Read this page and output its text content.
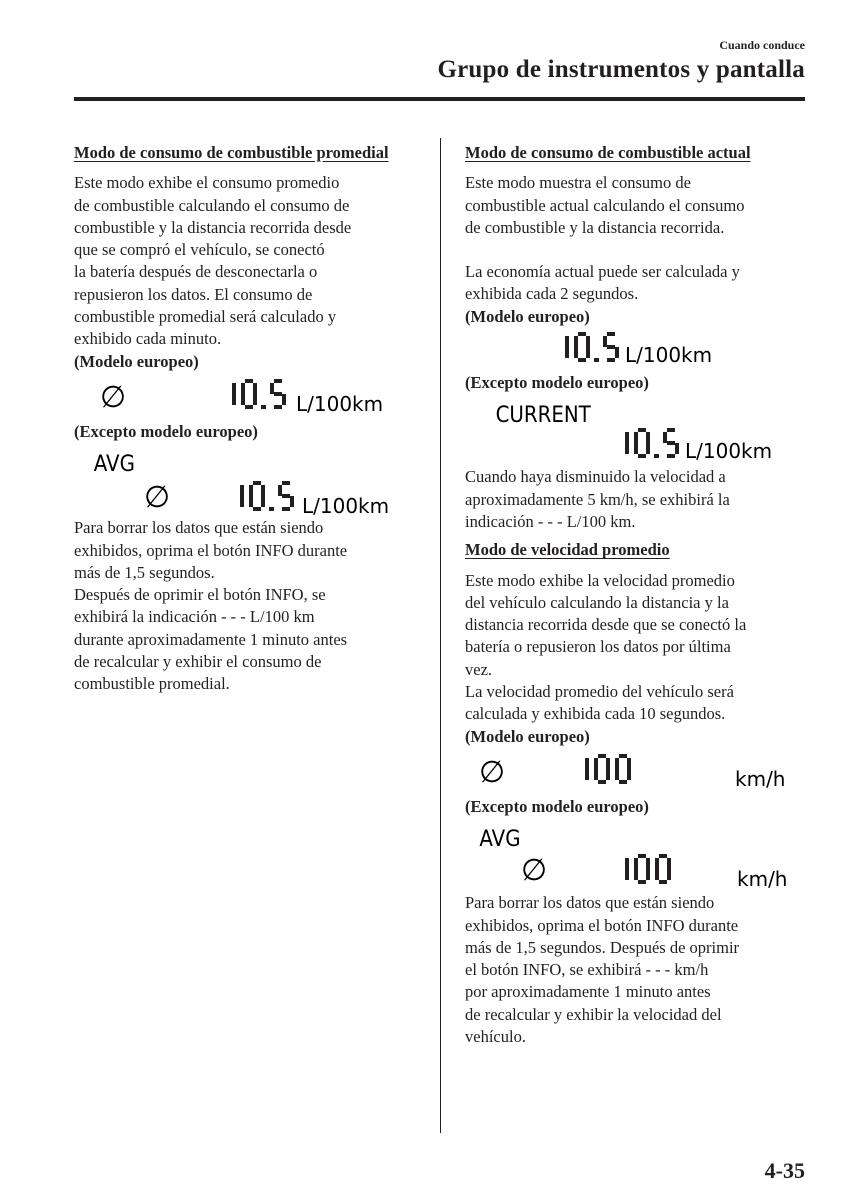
Cuando conduce
Grupo de instrumentos y pantalla
Modo de consumo de combustible promedial
Este modo exhibe el consumo promedio
de combustible calculando el consumo de
combustible y la distancia recorrida desde
que se compró el vehículo, se conectó
la batería después de desconectarla o
repusieron los datos. El consumo de
combustible promedial será calculado y
exhibido cada minuto.

(Modelo europeo)

∅	L/100km

(Excepto modelo europeo)

AVG
∅	L/100km
Para borrar los datos que están siendo
exhibidos, oprima el botón INFO durante
más de 1,5 segundos.
Después de oprimir el botón INFO, se
exhibirá la indicación - - - L/100 km
durante aproximadamente 1 minuto antes
de recalcular y exhibir el consumo de
combustible promedial.
Modo de consumo de combustible actual
Este modo muestra el consumo de
combustible actual calculando el consumo
de combustible y la distancia recorrida.
La economía actual puede ser calculada y
exhibida cada 2 segundos.

(Modelo europeo)

L/100km

(Excepto modelo europeo)

CURRENT
L/100km
Cuando haya disminuido la velocidad a
aproximadamente 5 km/h, se exhibirá la
indicación - - - L/100 km.
Modo de velocidad promedio
Este modo exhibe la velocidad promedio
del vehículo calculando la distancia y la
distancia recorrida desde que se conectó la
batería o repusieron los datos por última
vez.
La velocidad promedio del vehículo será
calculada y exhibida cada 10 segundos.

(Modelo europeo)

∅	km/h

(Excepto modelo europeo)

AVG
∅	km/h
Para borrar los datos que están siendo
exhibidos, oprima el botón INFO durante
más de 1,5 segundos. Después de oprimir
el botón INFO, se exhibirá - - - km/h
por aproximadamente 1 minuto antes
de recalcular y exhibir la velocidad del
vehículo.
4-35
